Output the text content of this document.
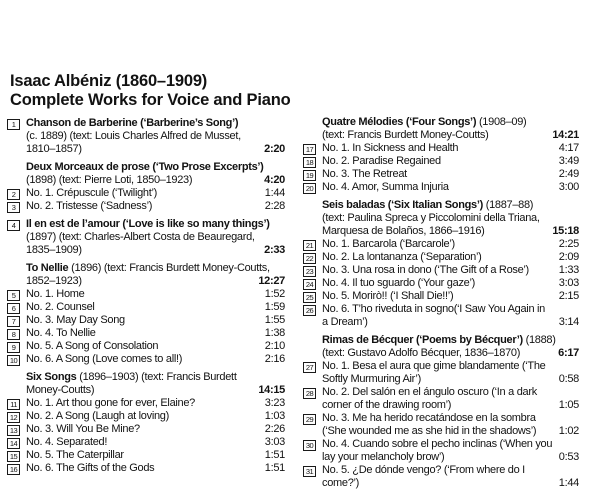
Isaac Albéniz (1860–1909)
Complete Works for Voice and Piano
1 Chanson de Barberine (‘Barberine’s Song’)
(c. 1889) (text: Louis Charles Alfred de Musset,
1810–1857)	2:20
Deux Morceaux de prose (‘Two Prose Excerpts’)
(1898) (text: Pierre Loti, 1850–1923)	4:20
2 No. 1. Crépuscule (‘Twilight’)	1:44
3 No. 2. Tristesse (‘Sadness’)	2:28
4 Il en est de l’amour (‘Love is like so many things’)
(1897) (text: Charles-Albert Costa de Beauregard,
1835–1909)	2:33
To Nellie (1896) (text: Francis Burdett Money-Coutts,
1852–1923)	12:27
5 No. 1. Home	1:52
6 No. 2. Counsel	1:59
7 No. 3. May Day Song	1:55
8 No. 4. To Nellie	1:38
9 No. 5. A Song of Consolation	2:10
10 No. 6. A Song (Love comes to all!)	2:16
Six Songs (1896–1903) (text: Francis Burdett
Money-Coutts)	14:15
11 No. 1. Art thou gone for ever, Elaine?	3:23
12 No. 2. A Song (Laugh at loving)	1:03
13 No. 3. Will You Be Mine?	2:26
14 No. 4. Separated!	3:03
15 No. 5. The Caterpillar	1:51
16 No. 6. The Gifts of the Gods	1:51
Quatre Mélodies (‘Four Songs’) (1908–09)
(text: Francis Burdett Money-Coutts)	14:21
17 No. 1. In Sickness and Health	4:17
18 No. 2. Paradise Regained	3:49
19 No. 3. The Retreat	2:49
20 No. 4. Amor, Summa Injuria	3:00
Seis baladas (‘Six Italian Songs’) (1887–88)
(text: Paulina Spreca y Piccolomini della Triana,
Marquesa de Bolaños, 1866–1916)	15:18
21 No. 1. Barcarola (‘Barcarole’)	2:25
22 No. 2. La lontananza (‘Separation’)	2:09
23 No. 3. Una rosa in dono (‘The Gift of a Rose’)	1:33
24 No. 4. Il tuo sguardo (‘Your gaze’)	3:03
25 No. 5. Morirò!! (‘I Shall Die!!’)	2:15
26 No. 6. T’ho riveduta in sogno(‘I Saw You Again in
a Dream’)	3:14
Rimas de Bécquer (‘Poems by Bécquer’) (1888)
(text: Gustavo Adolfo Bécquer, 1836–1870)	6:17
27 No. 1. Besa el aura que gime blandamente (‘The
Softly Murmuring Air’)	0:58
28 No. 2. Del salón en el ángulo oscuro (‘In a dark
corner of the drawing room’)	1:05
29 No. 3. Me ha herido recatándose en la sombra
(‘She wounded me as she hid in the shadows’)	1:02
30 No. 4. Cuando sobre el pecho inclinas (‘When you
lay your melancholy brow’)	0:53
31 No. 5. ¿De dónde vengo? (‘From where do I
come?’)	1:44
